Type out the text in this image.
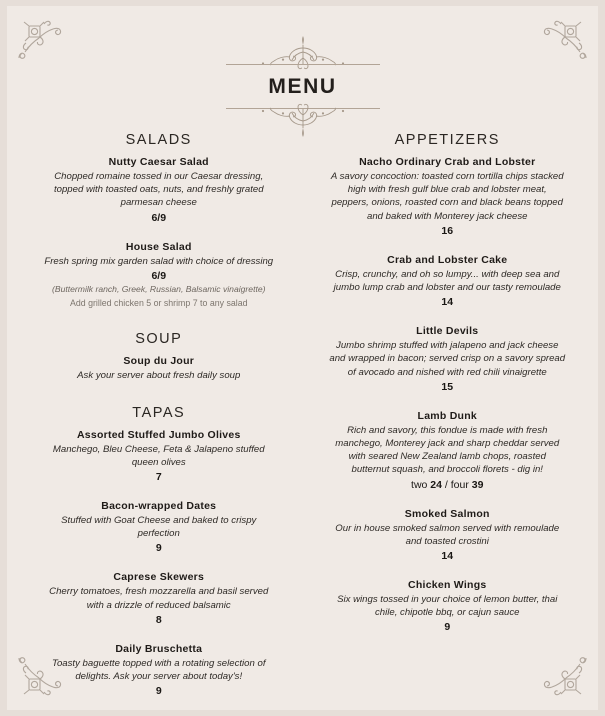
MENU
SALADS
Nutty Caesar Salad
Chopped romaine tossed in our Caesar dressing, topped with toasted oats, nuts, and freshly grated parmesan cheese
6/9
House Salad
Fresh spring mix garden salad with choice of dressing
6/9
(Buttermilk ranch, Greek, Russian, Balsamic vinaigrette)
Add grilled chicken 5 or shrimp 7 to any salad
SOUP
Soup du Jour
Ask your server about fresh daily soup
TAPAS
Assorted Stuffed Jumbo Olives
Manchego, Bleu Cheese, Feta & Jalapeno stuffed queen olives
7
Bacon-wrapped Dates
Stuffed with Goat Cheese and baked to crispy perfection
9
Caprese Skewers
Cherry tomatoes, fresh mozzarella and basil served with a drizzle of reduced balsamic
8
Daily Bruschetta
Toasty baguette topped with a rotating selection of delights. Ask your server about today's!
9
APPETIZERS
Nacho Ordinary Crab and Lobster
A savory concoction: toasted corn tortilla chips stacked high with fresh gulf blue crab and lobster meat, peppers, onions, roasted corn and black beans topped and baked with Monterey jack cheese
16
Crab and Lobster Cake
Crisp, crunchy, and oh so lumpy... with deep sea and jumbo lump crab and lobster and our tasty remoulade
14
Little Devils
Jumbo shrimp stuffed with jalapeno and jack cheese and wrapped in bacon; served crisp on a savory spread of avocado and nished with red chili vinaigrette
15
Lamb Dunk
Rich and savory, this fondue is made with fresh manchego, Monterey jack and sharp cheddar served with seared New Zealand lamb chops, roasted butternut squash, and broccoli florets - dig in!
two 24 / four 39
Smoked Salmon
Our in house smoked salmon served with remoulade and toasted crostini
14
Chicken Wings
Six wings tossed in your choice of lemon butter, thai chile, chipotle bbq, or cajun sauce
9
